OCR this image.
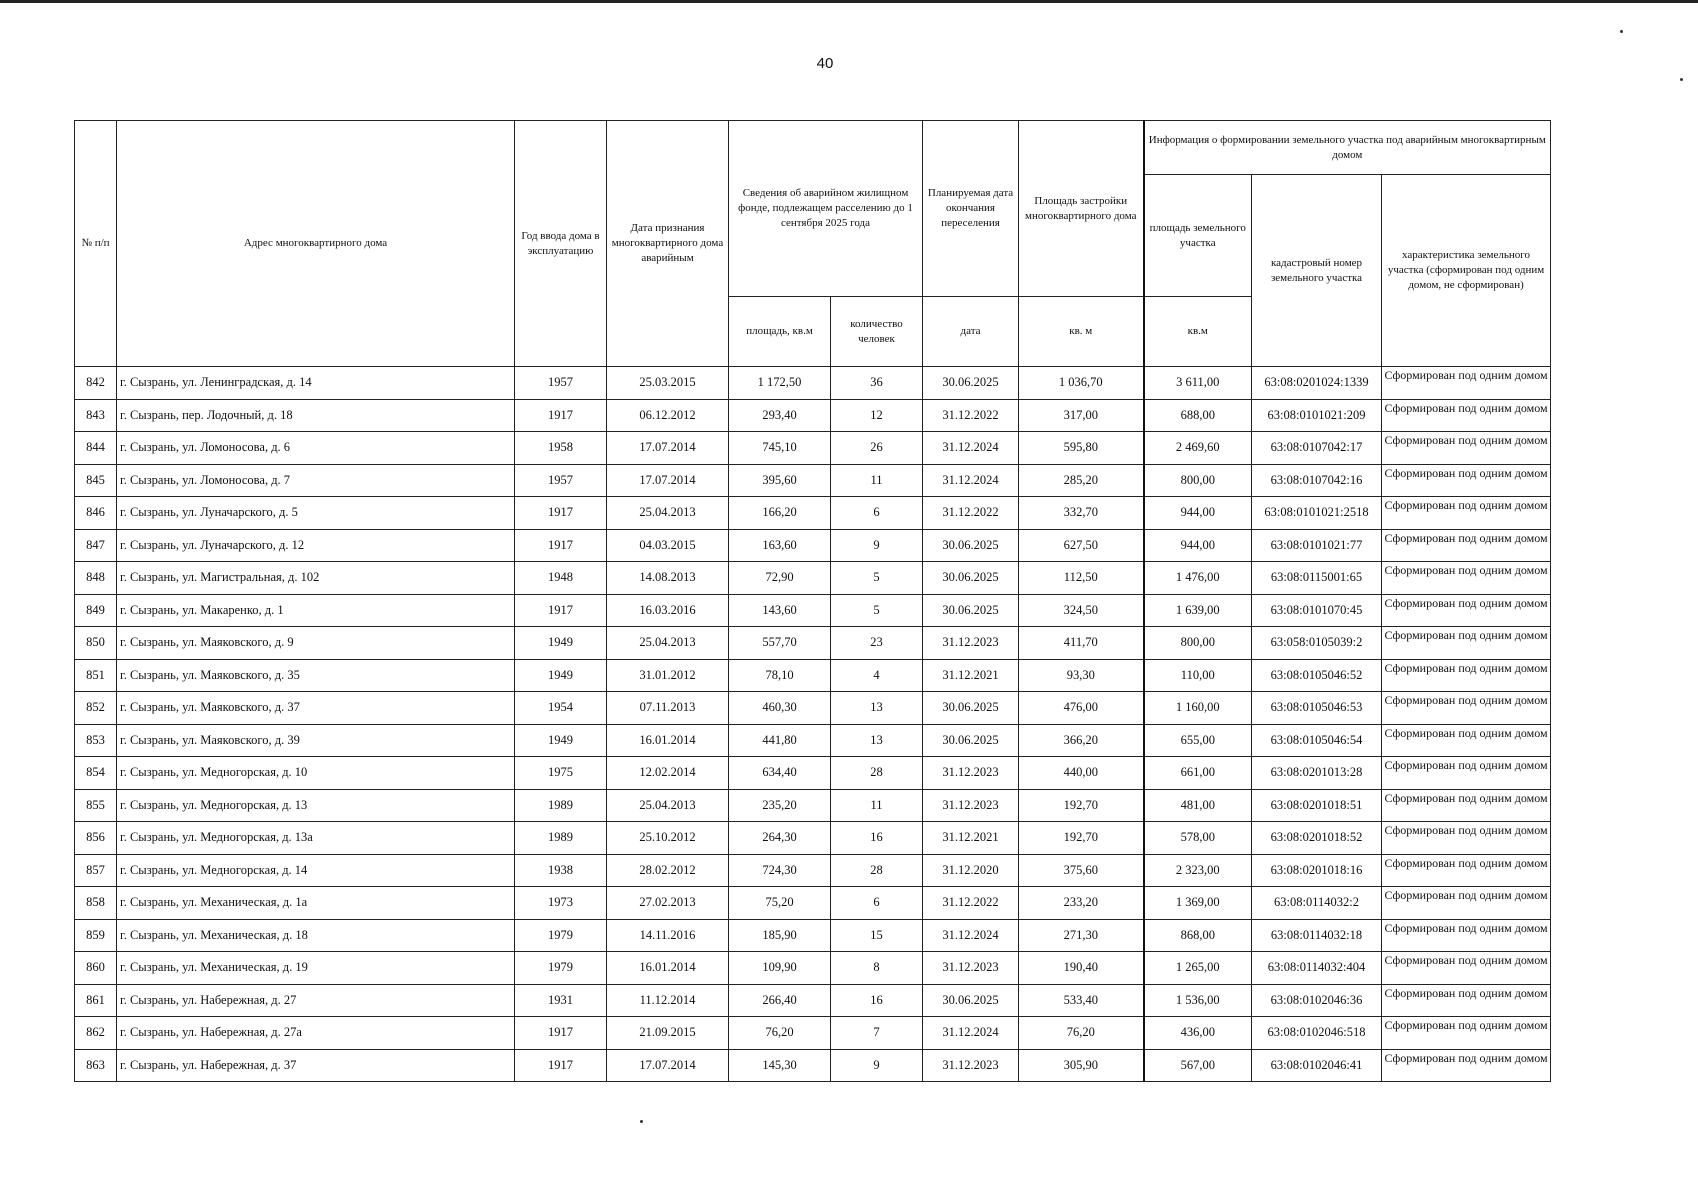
40
№ п/п	Адрес многоквартирного дома	Год ввода дома в эксплуатацию	Дата признания многоквартирного дома аварийным	Сведения об аварийном жилищном фонде, подлежащем расселению до 1 сентября 2025 года		Планируемая дата окончания переселения	Площадь застройки многоквартирного дома	Информация о формировании земельного участка под аварийным многоквартирным домом		
								площадь земельного участка	кадастровый номер земельного участка	характеристика земельного участка (сформирован под одним домом, не сформирован)
				площадь, кв.м	количество человек	дата	кв. м	кв.м		
842	г. Сызрань, ул. Ленинградская, д. 14	1957	25.03.2015	1 172,50	36	30.06.2025	1 036,70	3 611,00	63:08:0201024:1339	Сформирован под одним домом

843	г. Сызрань, пер. Лодочный, д. 18	1917	06.12.2012	293,40	12	31.12.2022	317,00	688,00	63:08:0101021:209	Сформирован под одним домом

844	г. Сызрань, ул. Ломоносова, д. 6	1958	17.07.2014	745,10	26	31.12.2024	595,80	2 469,60	63:08:0107042:17	Сформирован под одним домом

845	г. Сызрань, ул. Ломоносова, д. 7	1957	17.07.2014	395,60	11	31.12.2024	285,20	800,00	63:08:0107042:16	Сформирован под одним домом

846	г. Сызрань, ул. Луначарского, д. 5	1917	25.04.2013	166,20	6	31.12.2022	332,70	944,00	63:08:0101021:2518	Сформирован под одним домом

847	г. Сызрань, ул. Луначарского, д. 12	1917	04.03.2015	163,60	9	30.06.2025	627,50	944,00	63:08:0101021:77	Сформирован под одним домом

848	г. Сызрань, ул. Магистральная, д. 102	1948	14.08.2013	72,90	5	30.06.2025	112,50	1 476,00	63:08:0115001:65	Сформирован под одним домом

849	г. Сызрань, ул. Макаренко, д. 1	1917	16.03.2016	143,60	5	30.06.2025	324,50	1 639,00	63:08:0101070:45	Сформирован под одним домом

850	г. Сызрань, ул. Маяковского, д. 9	1949	25.04.2013	557,70	23	31.12.2023	411,70	800,00	63:058:0105039:2	Сформирован под одним домом

851	г. Сызрань, ул. Маяковского, д. 35	1949	31.01.2012	78,10	4	31.12.2021	93,30	110,00	63:08:0105046:52	Сформирован под одним домом

852	г. Сызрань, ул. Маяковского, д. 37	1954	07.11.2013	460,30	13	30.06.2025	476,00	1 160,00	63:08:0105046:53	Сформирован под одним домом

853	г. Сызрань, ул. Маяковского, д. 39	1949	16.01.2014	441,80	13	30.06.2025	366,20	655,00	63:08:0105046:54	Сформирован под одним домом

854	г. Сызрань, ул. Медногорская, д. 10	1975	12.02.2014	634,40	28	31.12.2023	440,00	661,00	63:08:0201013:28	Сформирован под одним домом

855	г. Сызрань, ул. Медногорская, д. 13	1989	25.04.2013	235,20	11	31.12.2023	192,70	481,00	63:08:0201018:51	Сформирован под одним домом

856	г. Сызрань, ул. Медногорская, д. 13а	1989	25.10.2012	264,30	16	31.12.2021	192,70	578,00	63:08:0201018:52	Сформирован под одним домом

857	г. Сызрань, ул. Медногорская, д. 14	1938	28.02.2012	724,30	28	31.12.2020	375,60	2 323,00	63:08:0201018:16	Сформирован под одним домом

858	г. Сызрань, ул. Механическая, д. 1а	1973	27.02.2013	75,20	6	31.12.2022	233,20	1 369,00	63:08:0114032:2	Сформирован под одним домом

859	г. Сызрань, ул. Механическая, д. 18	1979	14.11.2016	185,90	15	31.12.2024	271,30	868,00	63:08:0114032:18	Сформирован под одним домом

860	г. Сызрань, ул. Механическая, д. 19	1979	16.01.2014	109,90	8	31.12.2023	190,40	1 265,00	63:08:0114032:404	Сформирован под одним домом

861	г. Сызрань, ул. Набережная, д. 27	1931	11.12.2014	266,40	16	30.06.2025	533,40	1 536,00	63:08:0102046:36	Сформирован под одним домом

862	г. Сызрань, ул. Набережная, д. 27а	1917	21.09.2015	76,20	7	31.12.2024	76,20	436,00	63:08:0102046:518	Сформирован под одним домом

863	г. Сызрань, ул. Набережная, д. 37	1917	17.07.2014	145,30	9	31.12.2023	305,90	567,00	63:08:0102046:41	Сформирован под одним домом
